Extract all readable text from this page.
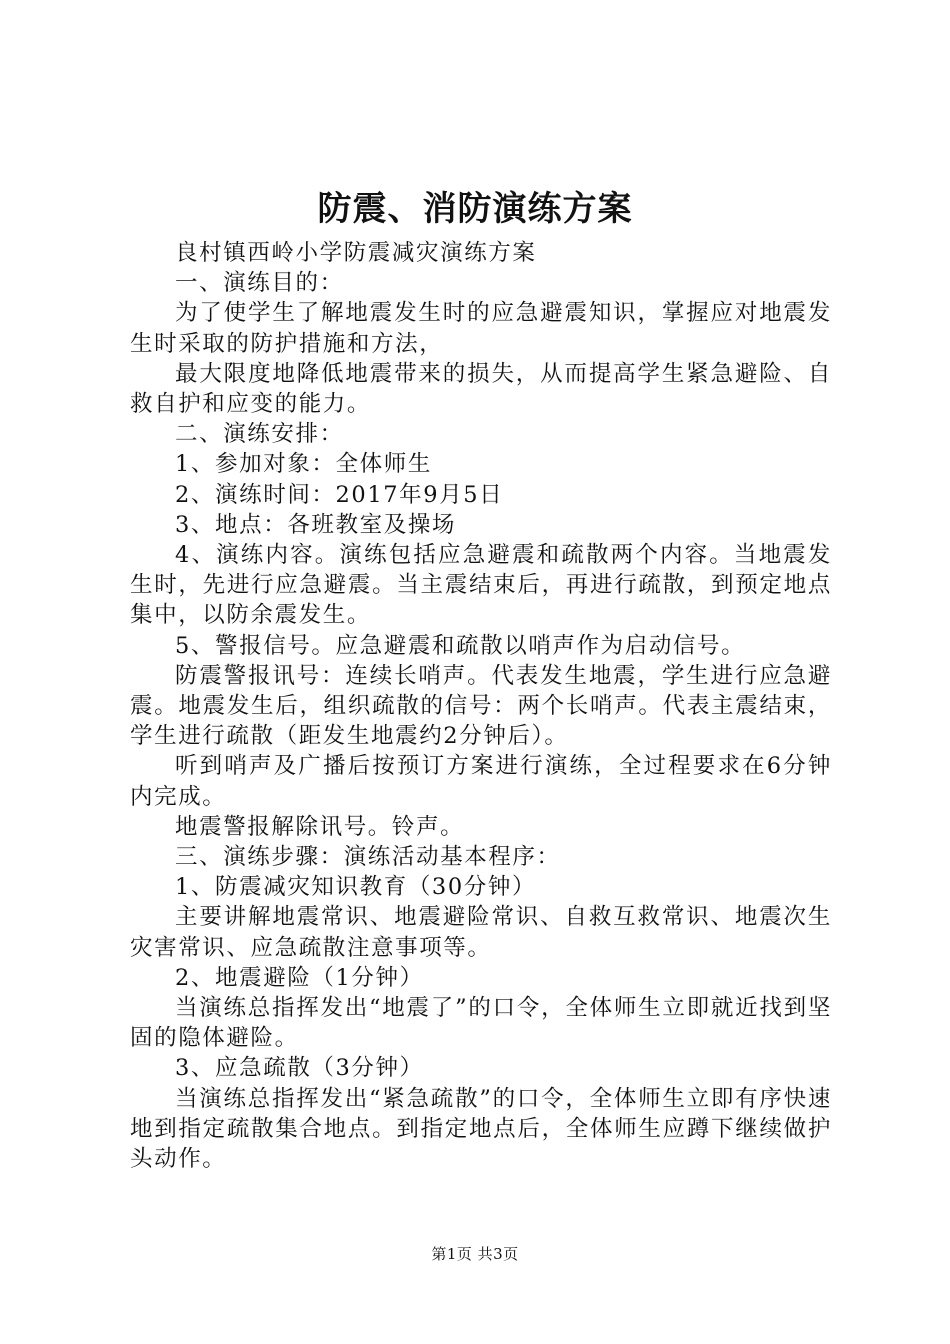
防震、消防演练方案

良村镇西岭小学防震减灾演练方案

一、演练目的：

为了使学生了解地震发生时的应急避震知识，掌握应对地震发生时采取的防护措施和方法，

最大限度地降低地震带来的损失，从而提高学生紧急避险、自救自护和应变的能力。

二、演练安排：

1、参加对象：全体师生

2、演练时间：2017年9月5日

3、地点：各班教室及操场

4、演练内容。演练包括应急避震和疏散两个内容。当地震发生时，先进行应急避震。当主震结束后，再进行疏散，到预定地点集中，以防余震发生。

5、警报信号。应急避震和疏散以哨声作为启动信号。

防震警报讯号：连续长哨声。代表发生地震，学生进行应急避震。地震发生后，组织疏散的信号：两个长哨声。代表主震结束，学生进行疏散（距发生地震约2分钟后）。

听到哨声及广播后按预订方案进行演练，全过程要求在6分钟内完成。

地震警报解除讯号。铃声。

三、演练步骤：演练活动基本程序：

1、防震减灾知识教育（30分钟）

主要讲解地震常识、地震避险常识、自救互救常识、地震次生灾害常识、应急疏散注意事项等。

2、地震避险（1分钟）

当演练总指挥发出“地震了”的口令，全体师生立即就近找到坚固的隐体避险。

3、应急疏散（3分钟）

当演练总指挥发出“紧急疏散”的口令，全体师生立即有序快速地到指定疏散集合地点。到指定地点后，全体师生应蹲下继续做护头动作。

第1页 共3页
